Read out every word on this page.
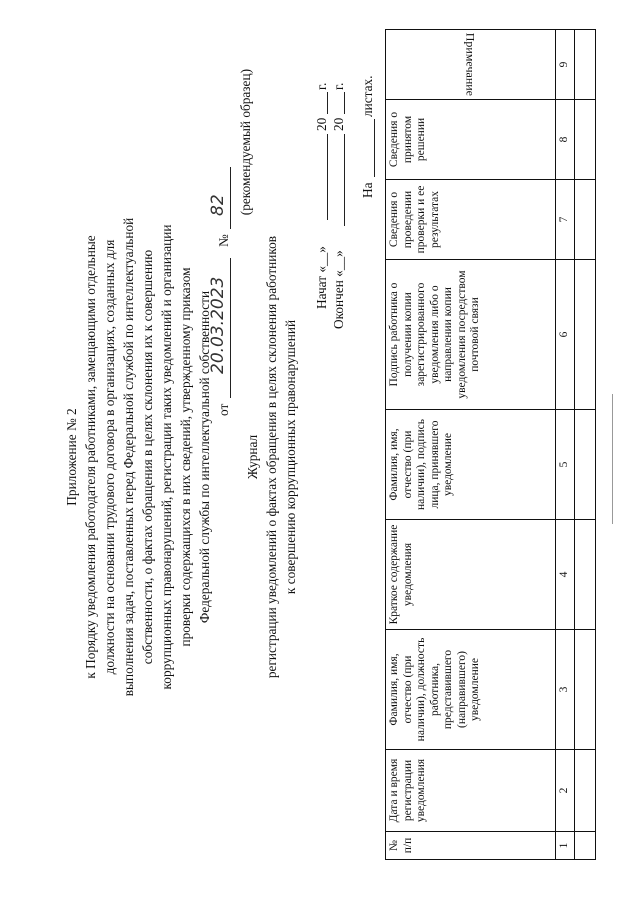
Приложение № 2 к Порядку уведомления работодателя работниками, замещающими отдельные должности на основании трудового договора в организациях, созданных для выполнения задач, поставленных перед Федеральной службой по интеллектуальной собственности, о фактах обращения в целях склонения их к совершению коррупционных правонарушений, регистрации таких уведомлений и организации проверки содержащихся в них сведений, утвержденному приказом Федеральной службы по интеллектуальной собственности от
20.03.2023
№
82 (рекомендуемый образец)
Журнал регистрации уведомлений о фактах обращения в целях склонения работников к совершению коррупционных правонарушений
Начат «__»
20
г.
Окончен «__»
20
г.
На
листах.
№ п/п	Дата и время регистрации уведомления	Фамилия, имя, отчество (при наличии), должность работника, представившего (направившего) уведомление	Краткое содержание уведомления	Фамилия, имя, отчество (при наличии), подпись лица, принявшего уведомление	Подпись работника о получении копии зарегистрированного уведомления либо о направлении копии уведомления посредством почтовой связи	Сведения о проведении проверки и ее результатах	Сведения о принятом решении	Примечание
1	2	3	4	5	6	7	8	9
